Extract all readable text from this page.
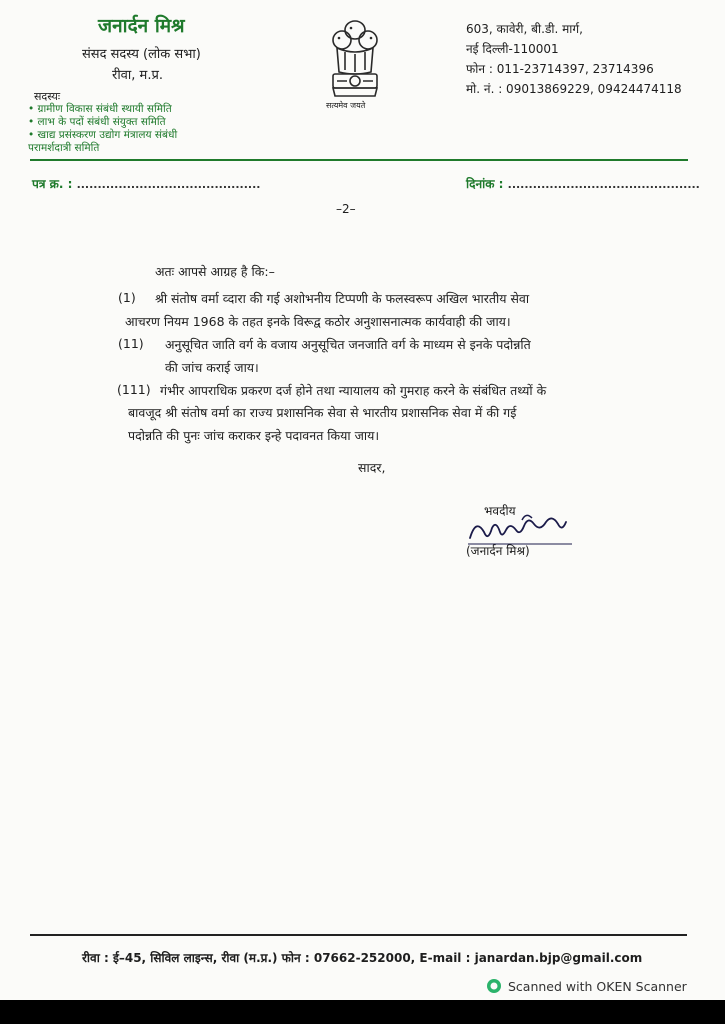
जनार्दन मिश्र
संसद सदस्य (लोक सभा)
रीवा, म.प्र.
सदस्यः
• ग्रामीण विकास संबंधी स्थायी समिति
• लाभ के पदों संबंधी संयुक्त समिति
• खाद्य प्रसंस्करण उद्योग मंत्रालय संबंधी
परामर्शदात्री समिति
सत्यमेव जयते
603, कावेरी, बी.डी. मार्ग,
नई दिल्ली-110001
फोन : 011-23714397, 23714396
मो. नं. : 09013869229, 09424474118
पत्र क्र. : ............................................	दिनांक : ..............................................
–2–
अतः आपसे आग्रह है कि:–
(1) श्री संतोष वर्मा व्दारा की गई अशोभनीय टिप्पणी के फलस्वरूप अखिल भारतीय सेवा
आचरण नियम 1968 के तहत इनके विरूद्व कठोर अनुशासनात्मक कार्यवाही की जाय।
(11) अनुसूचित जाति वर्ग के वजाय अनुसूचित जनजाति वर्ग के माध्यम से इनके पदोन्नति
की जांच कराई जाय।
(111) गंभीर आपराधिक प्रकरण दर्ज होने तथा न्यायालय को गुमराह करने के संबंधित तथ्यों के
बावजूद श्री संतोष वर्मा का राज्य प्रशासनिक सेवा से भारतीय प्रशासनिक सेवा में की गई
पदोन्नति की पुनः जांच कराकर इन्हे पदावनत किया जाय।
सादर,
भवदीय
(जनार्दन मिश्र)
रीवा : ई–45, सिविल लाइन्स, रीवा (म.प्र.) फोन : 07662-252000, E-mail : janardan.bjp@gmail.com
Scanned with OKEN Scanner
